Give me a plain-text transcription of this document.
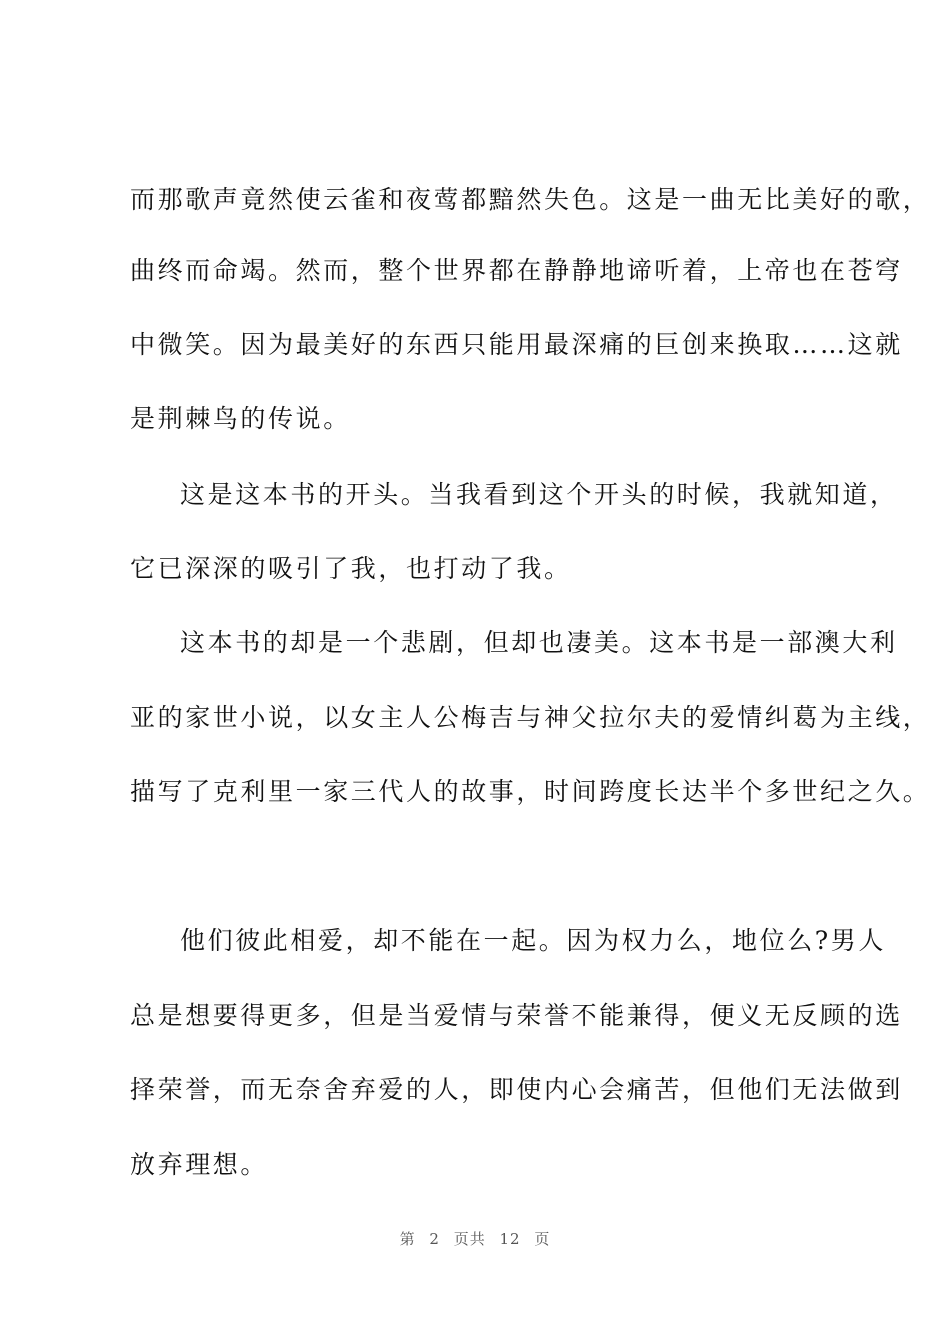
而那歌声竟然使云雀和夜莺都黯然失色。这是一曲无比美好的歌，
曲终而命竭。然而，整个世界都在静静地谛听着，上帝也在苍穹
中微笑。因为最美好的东西只能用最深痛的巨创来换取……这就
是荆棘鸟的传说。
这是这本书的开头。当我看到这个开头的时候，我就知道，
它已深深的吸引了我，也打动了我。
这本书的却是一个悲剧，但却也凄美。这本书是一部澳大利
亚的家世小说，以女主人公梅吉与神父拉尔夫的爱情纠葛为主线，
描写了克利里一家三代人的故事，时间跨度长达半个多世纪之久。
他们彼此相爱，却不能在一起。因为权力么，地位么?男人
总是想要得更多，但是当爱情与荣誉不能兼得，便义无反顾的选
择荣誉，而无奈舍弃爱的人，即使内心会痛苦，但他们无法做到
放弃理想。
第 2 页共 12 页
